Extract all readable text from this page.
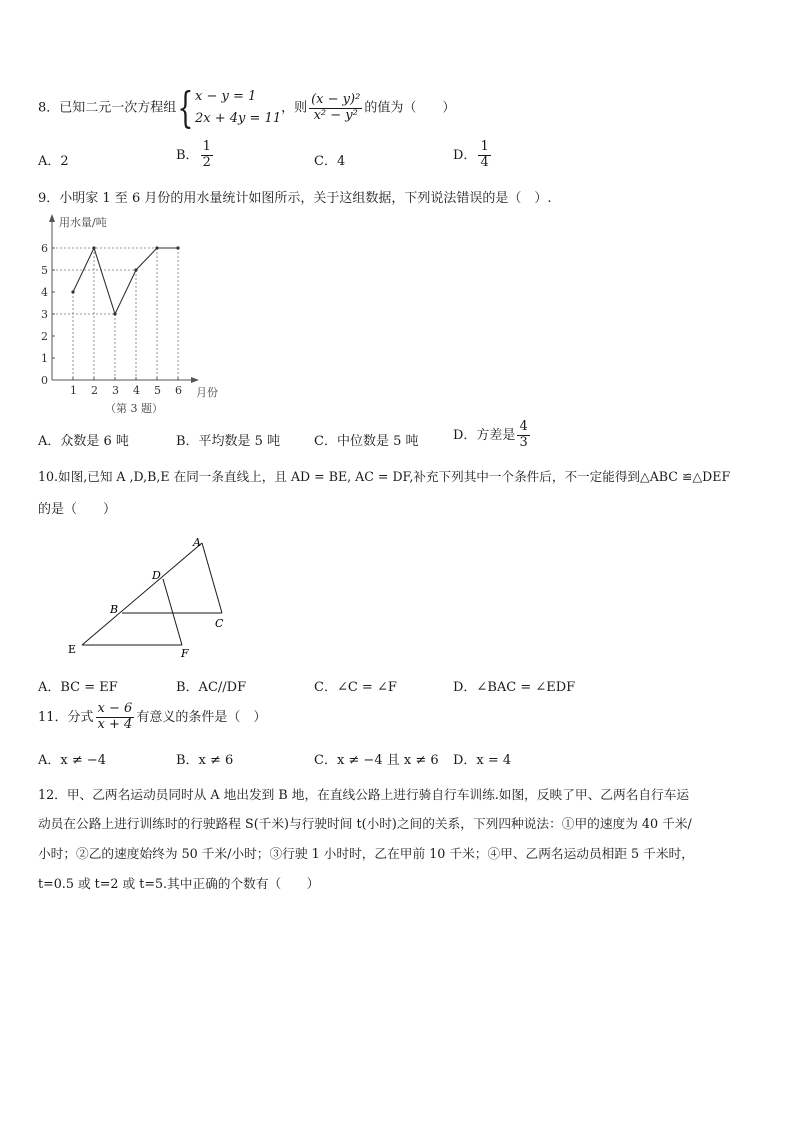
8．已知二元一次方程组{ x − y = 1
2x + 4y = 11
，则 $\frac{\text{(x − y)²}}{\text{x² − y²}}$ 的值为（　　）
A．2	B． $\frac{1}{2}$	C．4	D． $\frac{1}{4}$
9．小明家 1 至 6 月份的用水量统计如图所示，关于这组数据，下列说法错误的是（　）.
0
1
2
3
4
5
6
1 2 3 4 5 6
用水量/吨
月份
（第 3 题）
A．众数是 6 吨	B．平均数是 5 吨	C．中位数是 5 吨	D．方差是 $\frac{4}{3}$
10.如图,已知 A ,D,B,E 在同一条直线上，且 AD = BE, AC = DF,补充下列其中一个条件后，不一定能得到△ABC ≌△DEF
的是（　　）
A
D
B
C
E	F
A．BC = EF	B．AC//DF	C．∠C = ∠F	D．∠BAC = ∠EDF
11．分式 $\frac{x - 6}{x + 4}$ 有意义的条件是（　）
A．x ≠ −4	B．x ≠ 6	C．x ≠ −4 且 x ≠ 6 D．x = 4
12．甲、乙两名运动员同时从 A 地出发到 B 地，在直线公路上进行骑自行车训练.如图，反映了甲、乙两名自行车运
动员在公路上进行训练时的行驶路程 S(千米)与行驶时间 t(小时)之间的关系，下列四种说法：①甲的速度为 40 千米/
小时；②乙的速度始终为 50 千米/小时；③行驶 1 小时时，乙在甲前 10 千米；④甲、乙两名运动员相距 5 千米时，
t=0.5 或 t=2 或 t=5.其中正确的个数有（　　）
